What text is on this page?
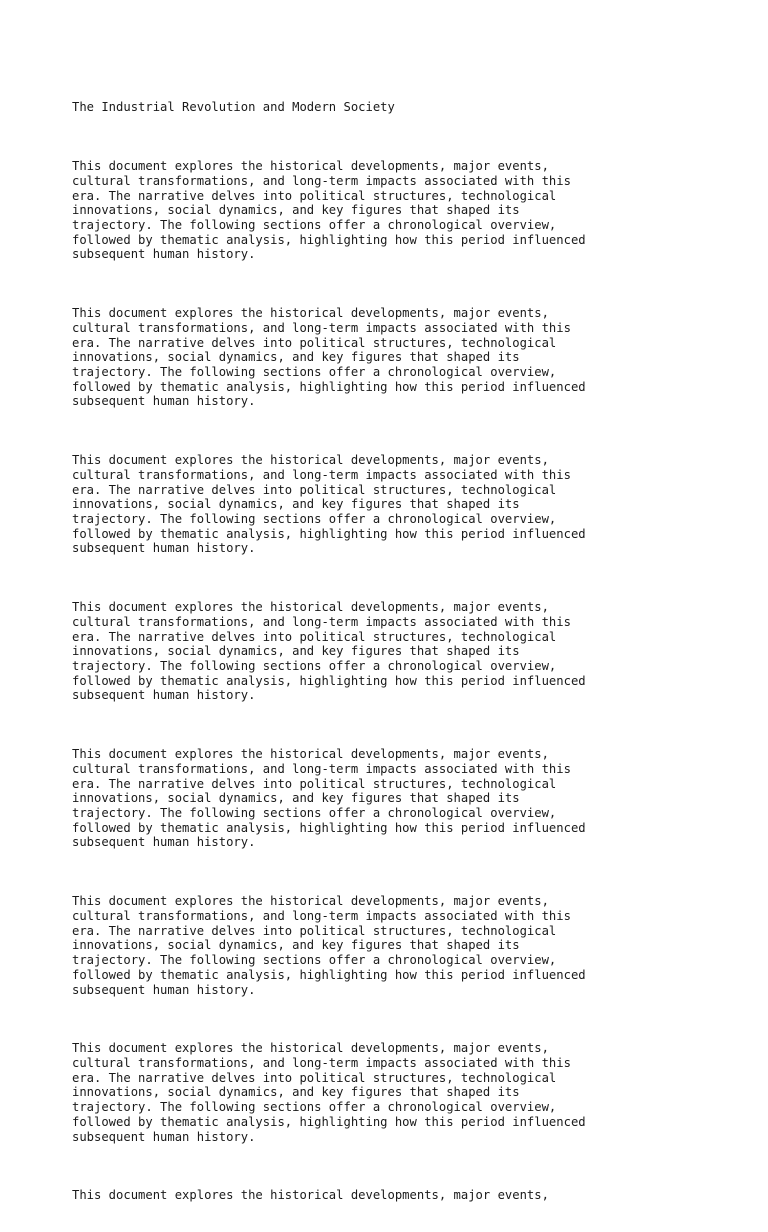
The Industrial Revolution and Modern Society

This document explores the historical developments, major events,
cultural transformations, and long-term impacts associated with this
era. The narrative delves into political structures, technological
innovations, social dynamics, and key figures that shaped its
trajectory. The following sections offer a chronological overview,
followed by thematic analysis, highlighting how this period influenced
subsequent human history.

This document explores the historical developments, major events,
cultural transformations, and long-term impacts associated with this
era. The narrative delves into political structures, technological
innovations, social dynamics, and key figures that shaped its
trajectory. The following sections offer a chronological overview,
followed by thematic analysis, highlighting how this period influenced
subsequent human history.

This document explores the historical developments, major events,
cultural transformations, and long-term impacts associated with this
era. The narrative delves into political structures, technological
innovations, social dynamics, and key figures that shaped its
trajectory. The following sections offer a chronological overview,
followed by thematic analysis, highlighting how this period influenced
subsequent human history.

This document explores the historical developments, major events,
cultural transformations, and long-term impacts associated with this
era. The narrative delves into political structures, technological
innovations, social dynamics, and key figures that shaped its
trajectory. The following sections offer a chronological overview,
followed by thematic analysis, highlighting how this period influenced
subsequent human history.

This document explores the historical developments, major events,
cultural transformations, and long-term impacts associated with this
era. The narrative delves into political structures, technological
innovations, social dynamics, and key figures that shaped its
trajectory. The following sections offer a chronological overview,
followed by thematic analysis, highlighting how this period influenced
subsequent human history.

This document explores the historical developments, major events,
cultural transformations, and long-term impacts associated with this
era. The narrative delves into political structures, technological
innovations, social dynamics, and key figures that shaped its
trajectory. The following sections offer a chronological overview,
followed by thematic analysis, highlighting how this period influenced
subsequent human history.

This document explores the historical developments, major events,
cultural transformations, and long-term impacts associated with this
era. The narrative delves into political structures, technological
innovations, social dynamics, and key figures that shaped its
trajectory. The following sections offer a chronological overview,
followed by thematic analysis, highlighting how this period influenced
subsequent human history.

This document explores the historical developments, major events,
